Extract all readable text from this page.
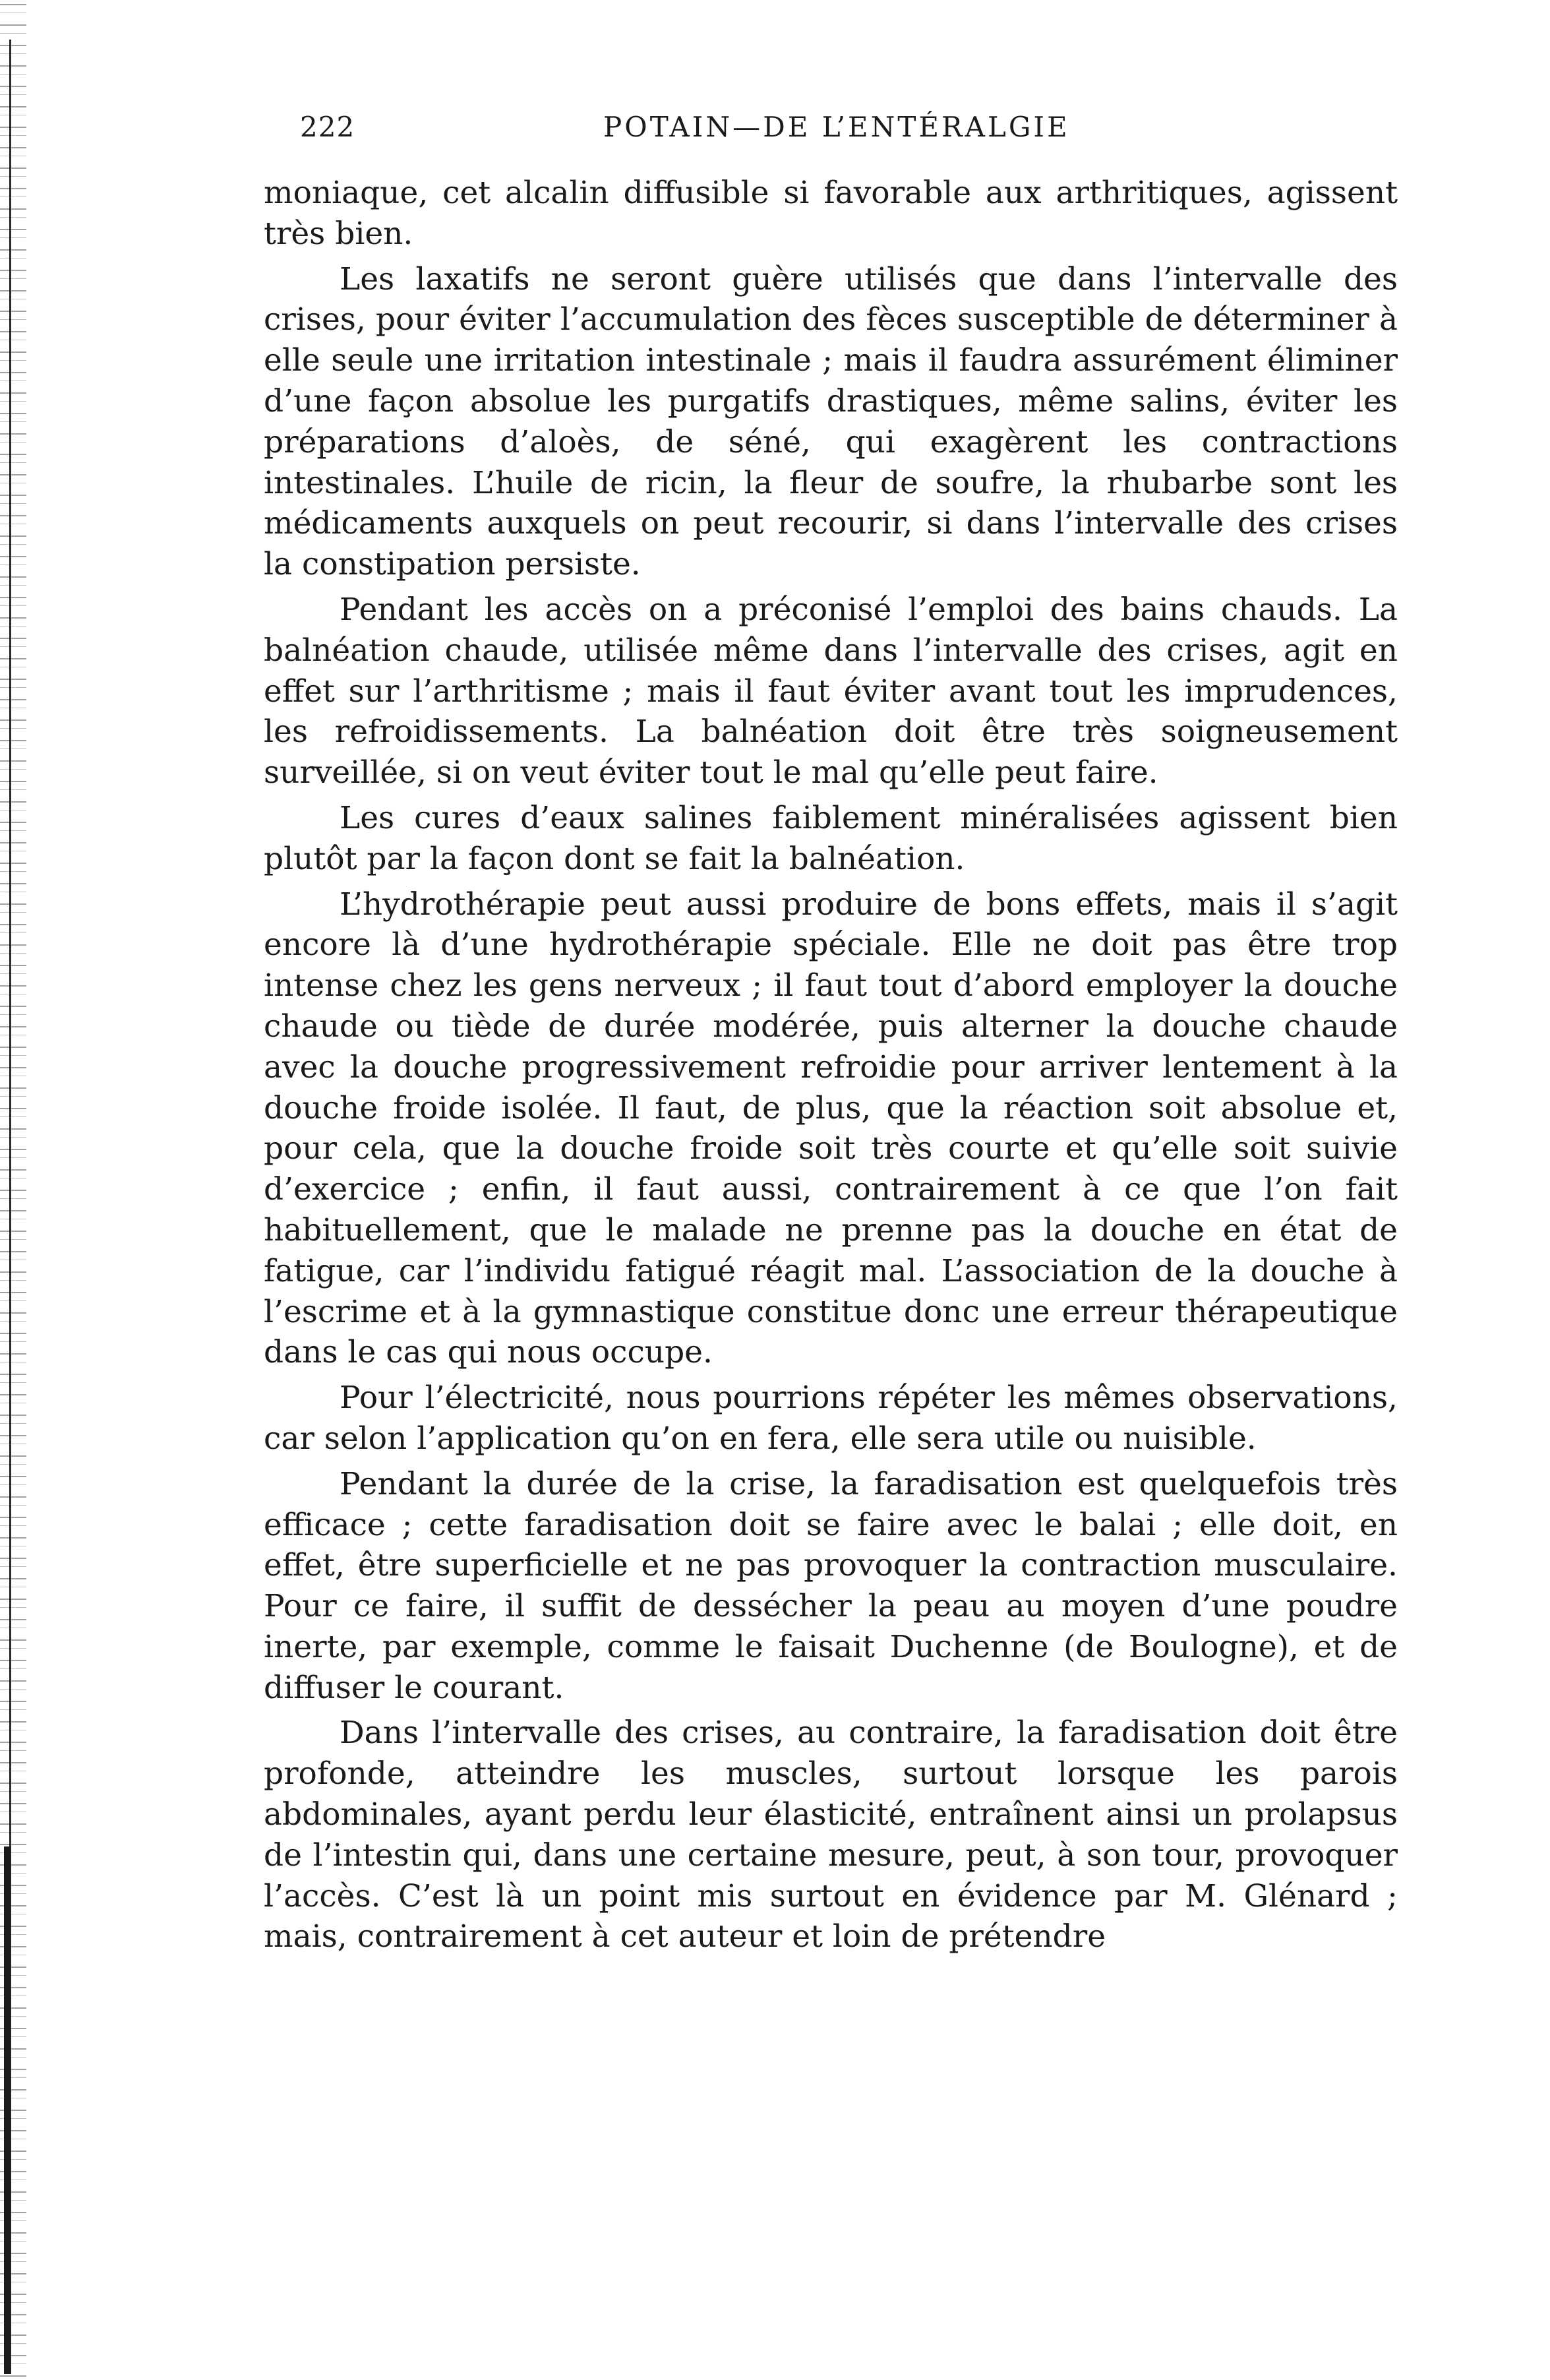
222	POTAIN—DE L’ENTÉRALGIE

moniaque, cet alcalin diffusible si favorable aux arthritiques, agissent très bien.

Les laxatifs ne seront guère utilisés que dans l’intervalle des crises, pour éviter l’accumulation des fèces susceptible de déterminer à elle seule une irritation intestinale ; mais il faudra assurément éliminer d’une façon absolue les purgatifs drastiques, même salins, éviter les préparations d’aloès, de séné, qui exagèrent les contractions intestinales. L’huile de ricin, la fleur de soufre, la rhubarbe sont les médicaments auxquels on peut recourir, si dans l’intervalle des crises la constipation persiste.

Pendant les accès on a préconisé l’emploi des bains chauds. La balnéation chaude, utilisée même dans l’intervalle des crises, agit en effet sur l’arthritisme ; mais il faut éviter avant tout les imprudences, les refroidissements. La balnéation doit être très soigneusement surveillée, si on veut éviter tout le mal qu’elle peut faire.

Les cures d’eaux salines faiblement minéralisées agissent bien plutôt par la façon dont se fait la balnéation.

L’hydrothérapie peut aussi produire de bons effets, mais il s’agit encore là d’une hydrothérapie spéciale. Elle ne doit pas être trop intense chez les gens nerveux ; il faut tout d’abord employer la douche chaude ou tiède de durée modérée, puis alterner la douche chaude avec la douche progressivement refroidie pour arriver lentement à la douche froide isolée. Il faut, de plus, que la réaction soit absolue et, pour cela, que la douche froide soit très courte et qu’elle soit suivie d’exercice ; enfin, il faut aussi, contrairement à ce que l’on fait habituellement, que le malade ne prenne pas la douche en état de fatigue, car l’individu fatigué réagit mal. L’association de la douche à l’escrime et à la gymnastique constitue donc une erreur thérapeutique dans le cas qui nous occupe.

Pour l’électricité, nous pourrions répéter les mêmes observations, car selon l’application qu’on en fera, elle sera utile ou nuisible.

Pendant la durée de la crise, la faradisation est quelquefois très efficace ; cette faradisation doit se faire avec le balai ; elle doit, en effet, être superficielle et ne pas provoquer la contraction musculaire. Pour ce faire, il suffit de dessécher la peau au moyen d’une poudre inerte, par exemple, comme le faisait Duchenne (de Boulogne), et de diffuser le courant.

Dans l’intervalle des crises, au contraire, la faradisation doit être profonde, atteindre les muscles, surtout lorsque les parois abdominales, ayant perdu leur élasticité, entraînent ainsi un prolapsus de l’intestin qui, dans une certaine mesure, peut, à son tour, provoquer l’accès. C’est là un point mis surtout en évidence par M. Glénard ; mais, contrairement à cet auteur et loin de prétendre
